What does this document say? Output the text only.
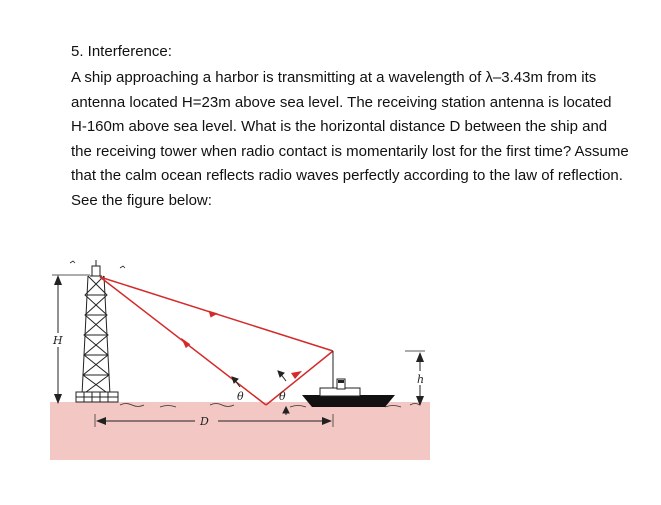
5. Interference:

A ship approaching a harbor is transmitting at a wavelength of λ–3.43m from its antenna located H=23m above sea level. The receiving station antenna is located H-160m above sea level. What is the horizontal distance D between the ship and the receiving tower when radio contact is momentarily lost for the first time? Assume that the calm ocean reflects radio waves perfectly according to the law of reflection. See the figure below:

H
θ	θ
h
D
